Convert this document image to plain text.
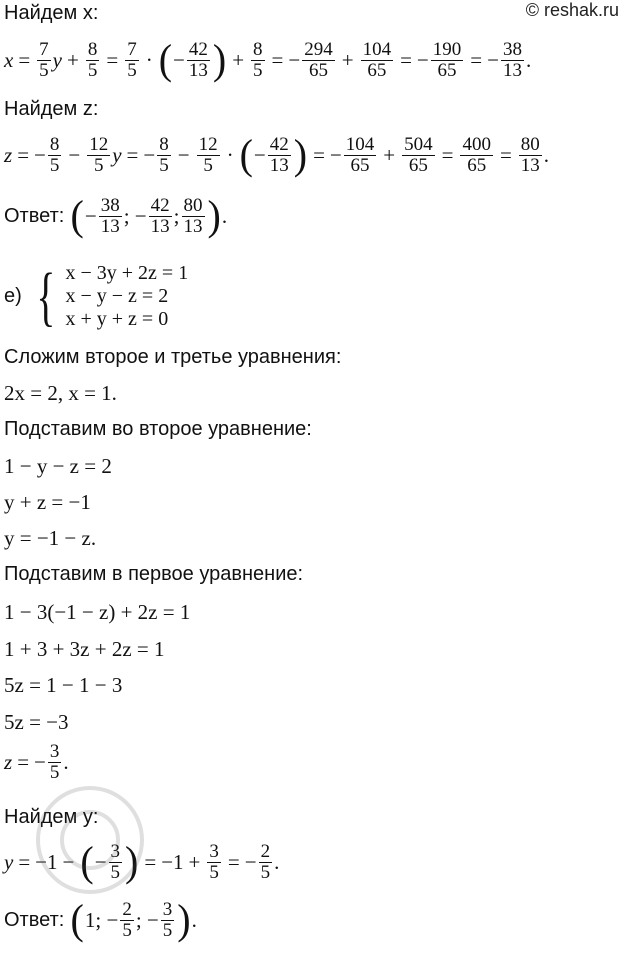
© reshak.ru
Найдем x:
$x = \frac{7}{5}$ $y + \frac{8}{5} = \frac{7}{5}$ · ( − $\frac{42}{13}$ ) + $\frac{8}{5}$ = − $\frac{294}{65} + \frac{104}{65}$ = − $\frac{190}{65}$ = − $\frac{38}{13}$ .
Найдем z:
z = − $\frac{8}{5} - \frac{12}{5}$ y = − $\frac{8}{5} - \frac{12}{5}$ · ( − $\frac{42}{13}$ ) = − $\frac{104}{65} + \frac{504}{65} = \frac{400}{65} = \frac{80}{13}$ .
Ответ:
( − $\frac{38}{13}$ ; − $\frac{42}{13}$ ; $\frac{80}{13}$ ) .
е) { x − 3y + 2z = 1
x − y − z = 2
x + y + z = 0
Сложим второе и третье уравнения:
2x = 2, x = 1.
Подставим во второе уравнение:
1 − y − z = 2
y + z = −1
y = −1 − z.
Подставим в первое уравнение:
1 − 3(−1 − z) + 2z = 1
1 + 3 + 3z + 2z = 1
5z = 1 − 1 − 3
5z = −3
z = − $\frac{3}{5}$ .
Найдем y:
y = −1 − ( − $\frac{3}{5}$ ) = $-1 + \frac{3}{5}$ = − $\frac{2}{5}$ .
Ответ:
( 1; − $\frac{2}{5}$ ; − $\frac{3}{5}$ ) .
